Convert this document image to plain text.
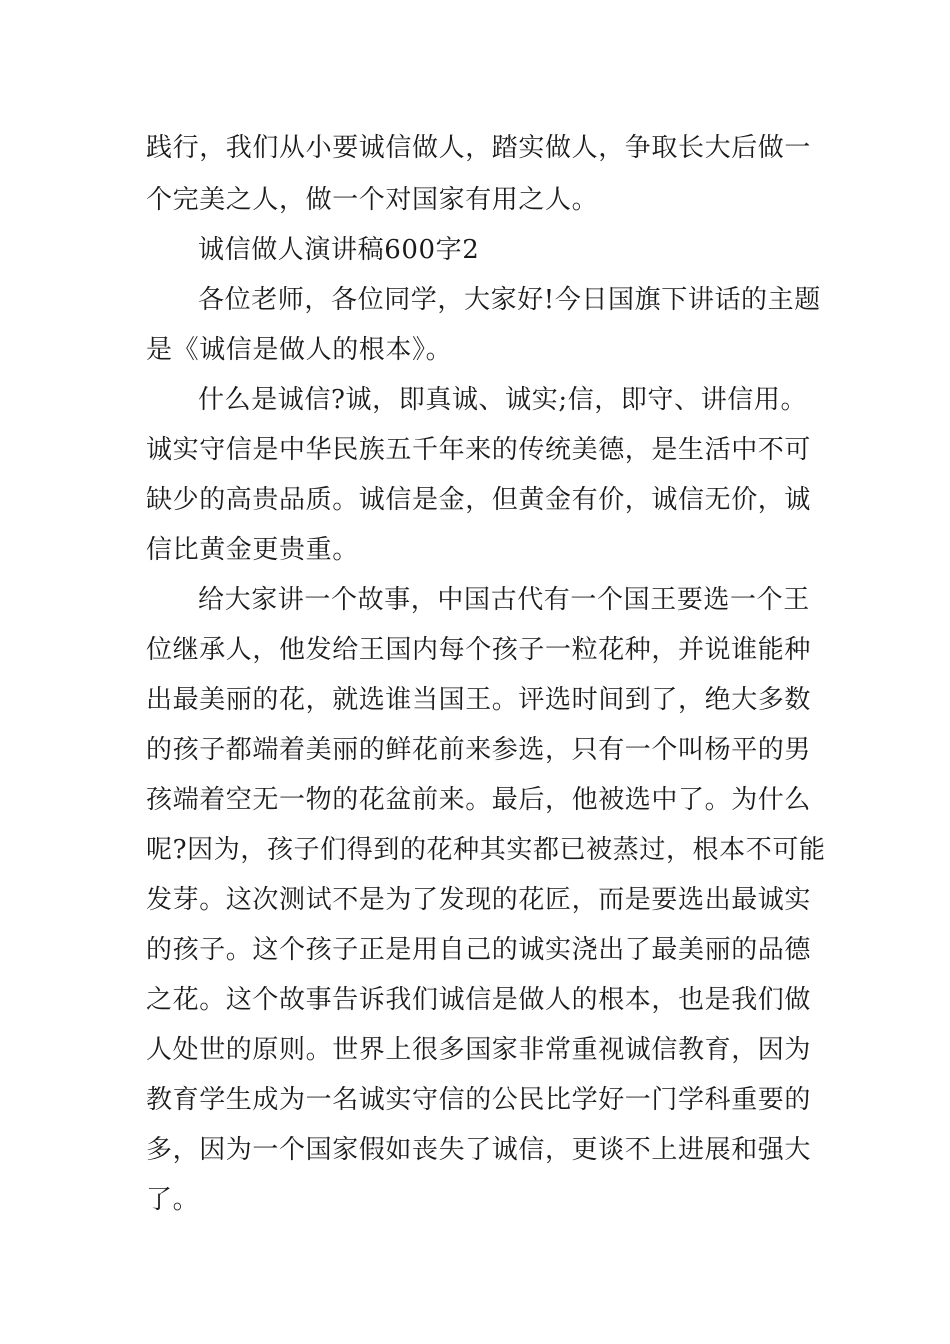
践行，我们从小要诚信做人，踏实做人，争取长大后做一
个完美之人，做一个对国家有用之人。
诚信做人演讲稿600字2
各位老师，各位同学，大家好!今日国旗下讲话的主题
是《诚信是做人的根本》。
什么是诚信?诚，即真诚、诚实;信，即守、讲信用。
诚实守信是中华民族五千年来的传统美德，是生活中不可
缺少的高贵品质。诚信是金，但黄金有价，诚信无价，诚
信比黄金更贵重。
给大家讲一个故事，中国古代有一个国王要选一个王
位继承人，他发给王国内每个孩子一粒花种，并说谁能种
出最美丽的花，就选谁当国王。评选时间到了，绝大多数
的孩子都端着美丽的鲜花前来参选，只有一个叫杨平的男
孩端着空无一物的花盆前来。最后，他被选中了。为什么
呢?因为，孩子们得到的花种其实都已被蒸过，根本不可能
发芽。这次测试不是为了发现的花匠，而是要选出最诚实
的孩子。这个孩子正是用自己的诚实浇出了最美丽的品德
之花。这个故事告诉我们诚信是做人的根本，也是我们做
人处世的原则。世界上很多国家非常重视诚信教育，因为
教育学生成为一名诚实守信的公民比学好一门学科重要的
多，因为一个国家假如丧失了诚信，更谈不上进展和强大
了。
